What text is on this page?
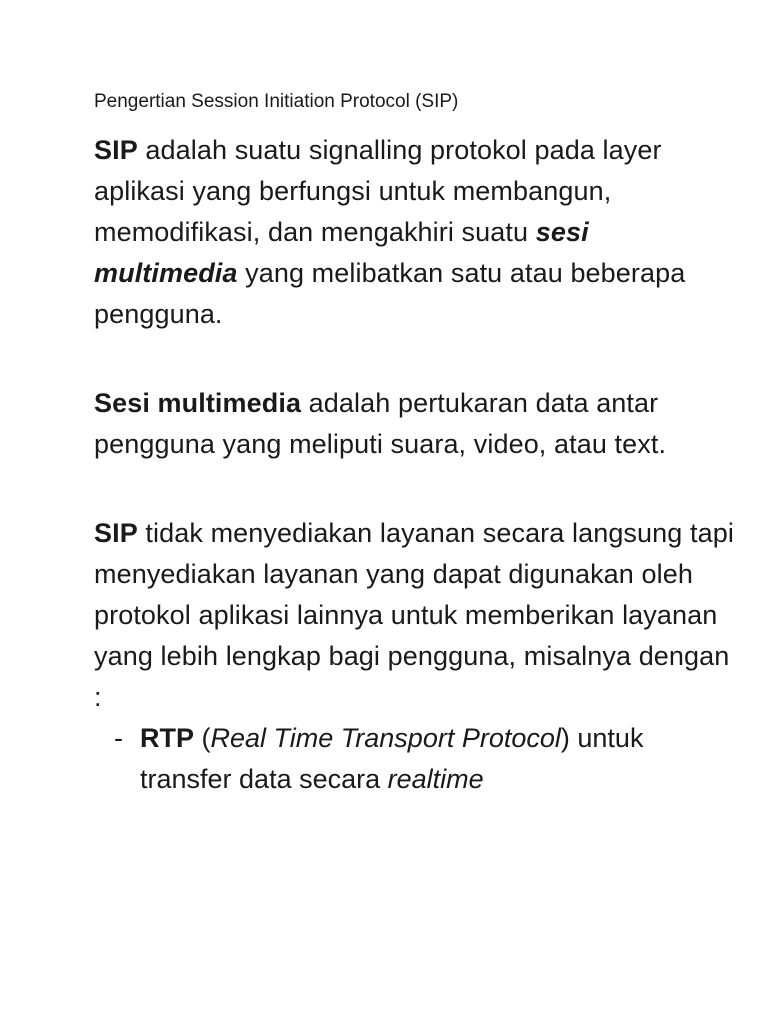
Pengertian Session Initiation Protocol (SIP)

SIP adalah suatu signalling protokol pada layer aplikasi yang berfungsi untuk membangun, memodifikasi, dan mengakhiri suatu sesi multimedia yang melibatkan satu atau beberapa pengguna.

Sesi multimedia adalah pertukaran data antar pengguna yang meliputi suara, video, atau text.

SIP tidak menyediakan layanan secara langsung tapi menyediakan layanan yang dapat digunakan oleh protokol aplikasi lainnya untuk memberikan layanan yang lebih lengkap bagi pengguna, misalnya dengan :

- RTP (Real Time Transport Protocol) untuk transfer data secara realtime
